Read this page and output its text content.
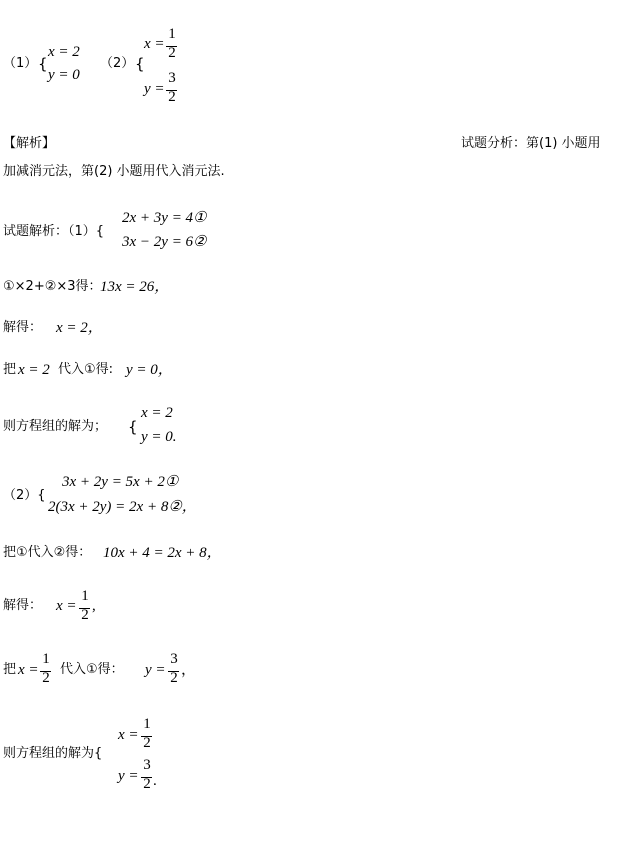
（1） {
x = 2
y = 0
（2） {
x =
1
2
y =
3
2
【解析】	试题分析：第(1) 小题用
加减消元法，第(2) 小题用代入消元法.
试题解析：（1）{
2x + 3y = 4①
3x − 2y = 6②
①×2+②×3得：
13x = 26，
解得： x = 2，
把 x = 2 代入①得: y = 0，
则方程组的解为； {
x = 2
y = 0.
（2）{
3x + 2y = 5x + 2①
2(3x + 2y) = 2x + 8②，
把①代入②得： 10x + 4 = 2x + 8，
解得： x =
1
2
,
把 x =
1
2
代入①得： y =
3
2 ，
则方程组的解为{
x =
1
2
y =
3
2 .
